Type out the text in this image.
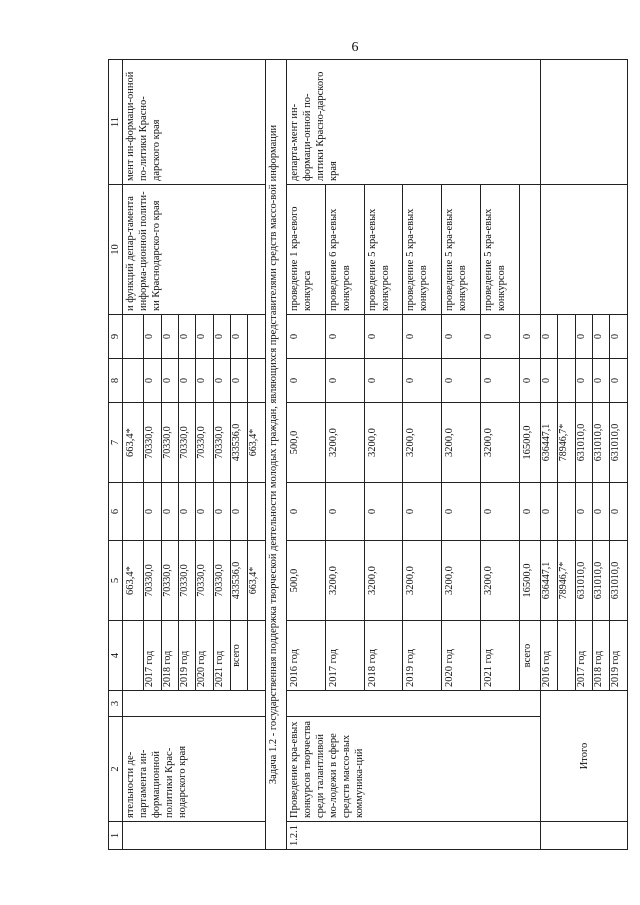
6
1	2	3	4	5	6	7	8	9	10	11
	ятельности де-партамента ин-формационной политики Крас-нодарского края			663,4*		663,4*			и функций депар-тамента информа-ционной полити-ки Краснодарско-го края	мент ин-формаци-онной по-литики Красно-дарского края
			2017 год	70330,0	0	70330,0	0	0		
			2018 год	70330,0	0	70330,0	0	0		
			2019 год	70330,0	0	70330,0	0	0		
			2020 год	70330,0	0	70330,0	0	0		
			2021 год	70330,0	0	70330,0	0	0		
			всего	433536,0	0	433536,0	0	0		
				663,4*		663,4*				
Задача 1.2 - государственная поддержка творческой деятельности молодых граждан, являющихся представителями средств массо-вой информации										
1.2.1	Проведение кра-евых конкурсов творчества среди талантливой мо-лодежи в сфере средств массо-вых коммуника-ций		2016 год	500,0	0	500,0	0	0	проведение 1 кра-евого конкурса	департа-мент ин-формаци-онной по-литики Красно-дарского края
			2017 год	3200,0	0	3200,0	0	0	проведение 6 кра-евых конкурсов	
			2018 год	3200,0	0	3200,0	0	0	проведение 5 кра-евых конкурсов	
			2019 год	3200,0	0	3200,0	0	0	проведение 5 кра-евых конкурсов	
			2020 год	3200,0	0	3200,0	0	0	проведение 5 кра-евых конкурсов	
			2021 год	3200,0	0	3200,0	0	0	проведение 5 кра-евых конкурсов	
			всего	16500,0	0	16500,0	0	0		
	Итого		2016 год	636447,1	0	636447,1	0	0		
				78946,7*		78946,7*				
			2017 год	631010,0	0	631010,0	0	0		
			2018 год	631010,0	0	631010,0	0	0		
			2019 год	631010,0	0	631010,0	0	0		
